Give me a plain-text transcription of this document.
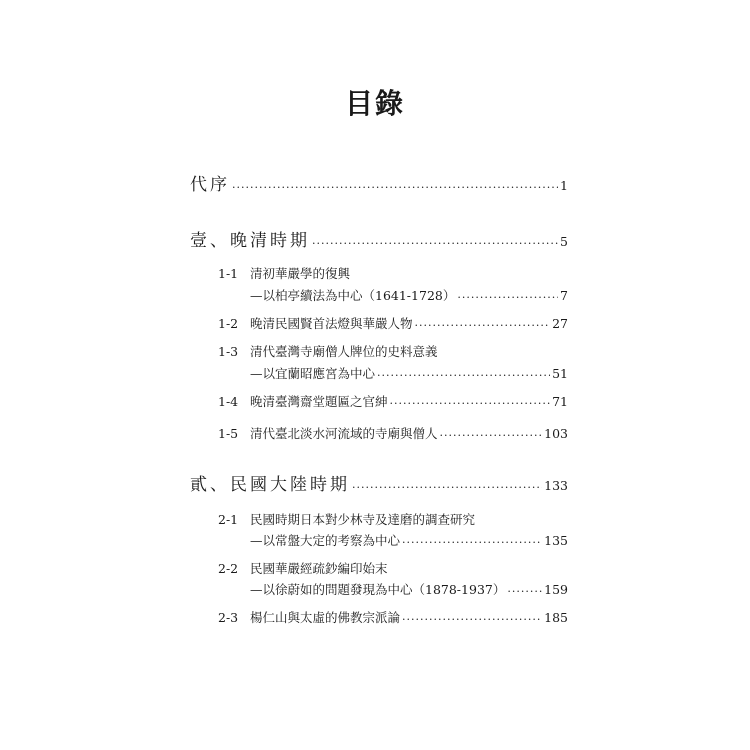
目錄
代序 .....	1
壹、晚清時期 .....	5
1-1 清初華嚴學的復興
—以柏亭續法為中心（1641-1728） .....	7
1-2 晚清民國賢首法燈與華嚴人物 .....	27
1-3 清代臺灣寺廟僧人牌位的史料意義
—以宜蘭昭應宮為中心 .....	51
1-4 晚清臺灣齋堂題匾之官紳 .....	71
1-5 清代臺北淡水河流域的寺廟與僧人 .....	103
貳、民國大陸時期 .....	133
2-1 民國時期日本對少林寺及達磨的調查研究
—以常盤大定的考察為中心 .....	135
2-2 民國華嚴經疏鈔編印始末
—以徐蔚如的問題發現為中心（1878-1937） .....	159
2-3 楊仁山與太虛的佛教宗派論 .....	185
